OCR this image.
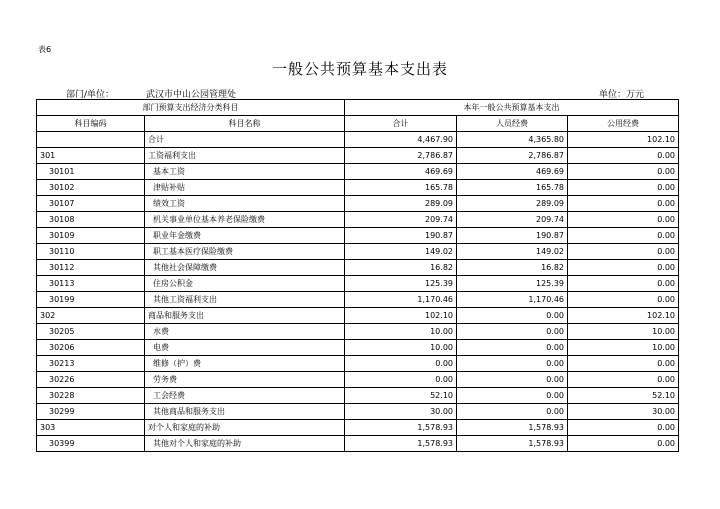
表6
一般公共预算基本支出表
部门/单位：	武汉市中山公园管理处	单位：万元
部门预算支出经济分类科目		本年一般公共预算基本支出		
科目编码	科目名称	合计	人员经费	公用经费
	合计	4,467.90	4,365.80	102.10
301	工资福利支出	2,786.87	2,786.87	0.00
30101	基本工资	469.69	469.69	0.00
30102	津贴补贴	165.78	165.78	0.00
30107	绩效工资	289.09	289.09	0.00
30108	机关事业单位基本养老保险缴费	209.74	209.74	0.00
30109	职业年金缴费	190.87	190.87	0.00
30110	职工基本医疗保险缴费	149.02	149.02	0.00
30112	其他社会保障缴费	16.82	16.82	0.00
30113	住房公积金	125.39	125.39	0.00
30199	其他工资福利支出	1,170.46	1,170.46	0.00
302	商品和服务支出	102.10	0.00	102.10
30205	水费	10.00	0.00	10.00
30206	电费	10.00	0.00	10.00
30213	维修（护）费	0.00	0.00	0.00
30226	劳务费	0.00	0.00	0.00
30228	工会经费	52.10	0.00	52.10
30299	其他商品和服务支出	30.00	0.00	30.00
303	对个人和家庭的补助	1,578.93	1,578.93	0.00
30399	其他对个人和家庭的补助	1,578.93	1,578.93	0.00
